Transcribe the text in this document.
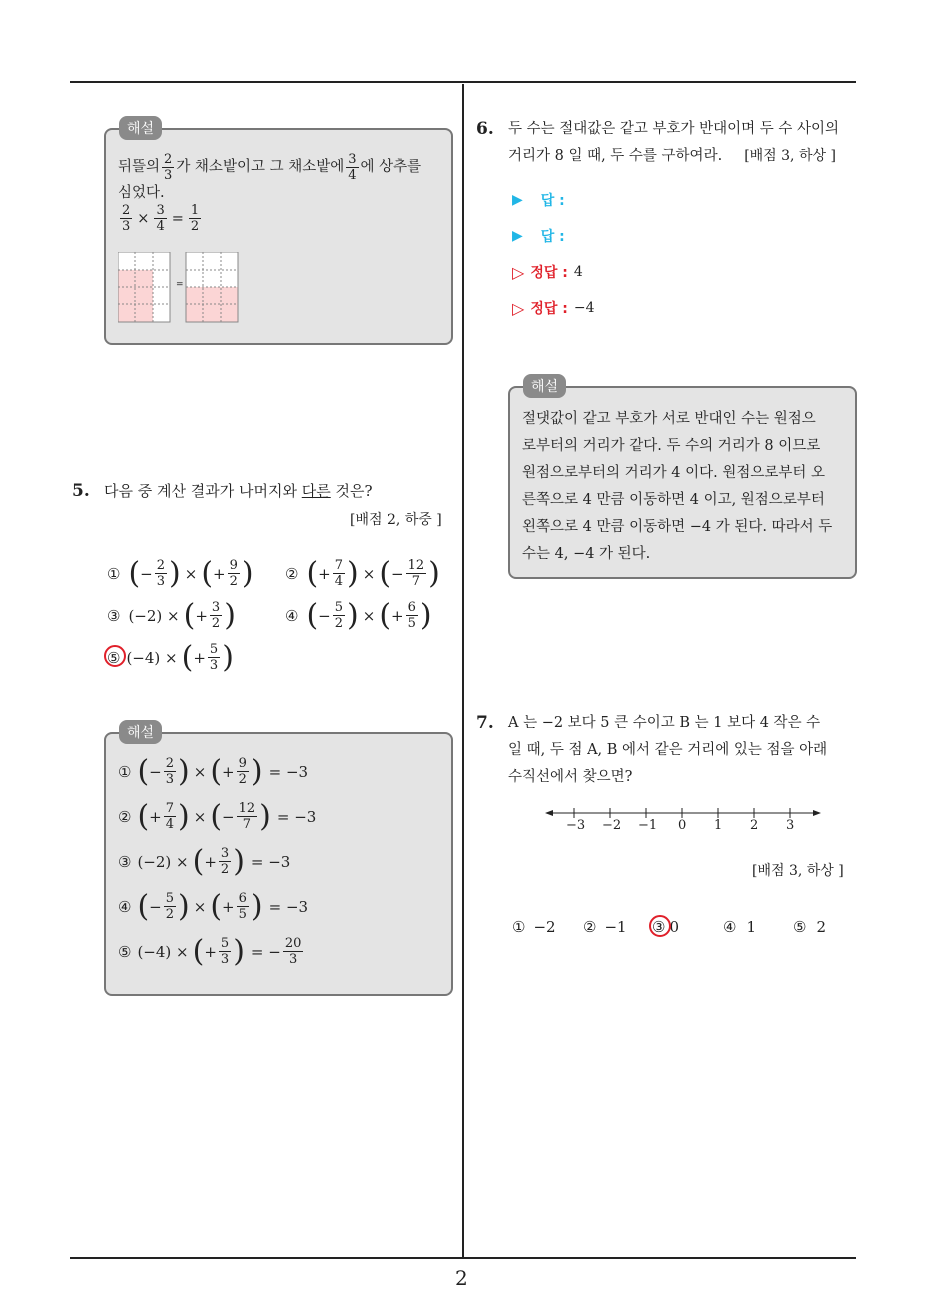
2
뒤뜰의 $\frac{2}{3}$ 가 채소밭이고 그 채소밭에 $\frac{3}{4}$ 에 상추를
심었다.
$\frac{2}{3} \times \frac{3}{4} = \frac{1}{2}$
=
해설
5. 다음 중 계산 결과가 나머지와
다른
것은?
[배점 2, 하중 ]
① ( − $\frac{2}{3}$ ) × ( + $\frac{9}{2}$ ) ② ( + $\frac{7}{4}$ ) × ( − $\frac{12}{7}$ )
③ (−2) × ( + $\frac{3}{2}$ )	④ ( − $\frac{5}{2}$ ) × ( + $\frac{6}{5}$ )
⑤ (−4) × ( + $\frac{5}{3}$ )
① ( − $\frac{2}{3}$ ) × ( + $\frac{9}{2}$ ) = −3
② ( + $\frac{7}{4}$ ) × ( − $\frac{12}{7}$ ) = −3
③ (−2) × ( + $\frac{3}{2}$ ) = −3
④ ( − $\frac{5}{2}$ ) × ( + $\frac{6}{5}$ ) = −3
⑤ (−4) × ( + $\frac{5}{3}$ ) = − $\frac{20}{3}$
해설
6. 두 수는 절대값은 같고 부호가 반대이며 두 수 사이의
거리가 8 일 때, 두 수를 구하여라. [배점 3, 하상 ]
▶ 답 :
▶ 답 :
▷ 정답 : 4
▷ 정답 : −4
절댓값이 같고 부호가 서로 반대인 수는 원점으
로부터의 거리가 같다. 두 수의 거리가 8 이므로
원점으로부터의 거리가 4 이다. 원점으로부터 오
른쪽으로 4 만큼 이동하면 4 이고, 원점으로부터
왼쪽으로 4 만큼 이동하면 −4 가 된다. 따라서 두
수는 4, −4 가 된다.
해설
7. A 는 −2 보다 5 큰 수이고 B 는 1 보다 4 작은 수
일 때, 두 점 A, B 에서 같은 거리에 있는 점을 아래
수직선에서 찾으면?
−3 −2 −1 0 1 2 3
[배점 3, 하상 ]
① −2 ② −1 ③ 0	④ 1 ⑤ 2
